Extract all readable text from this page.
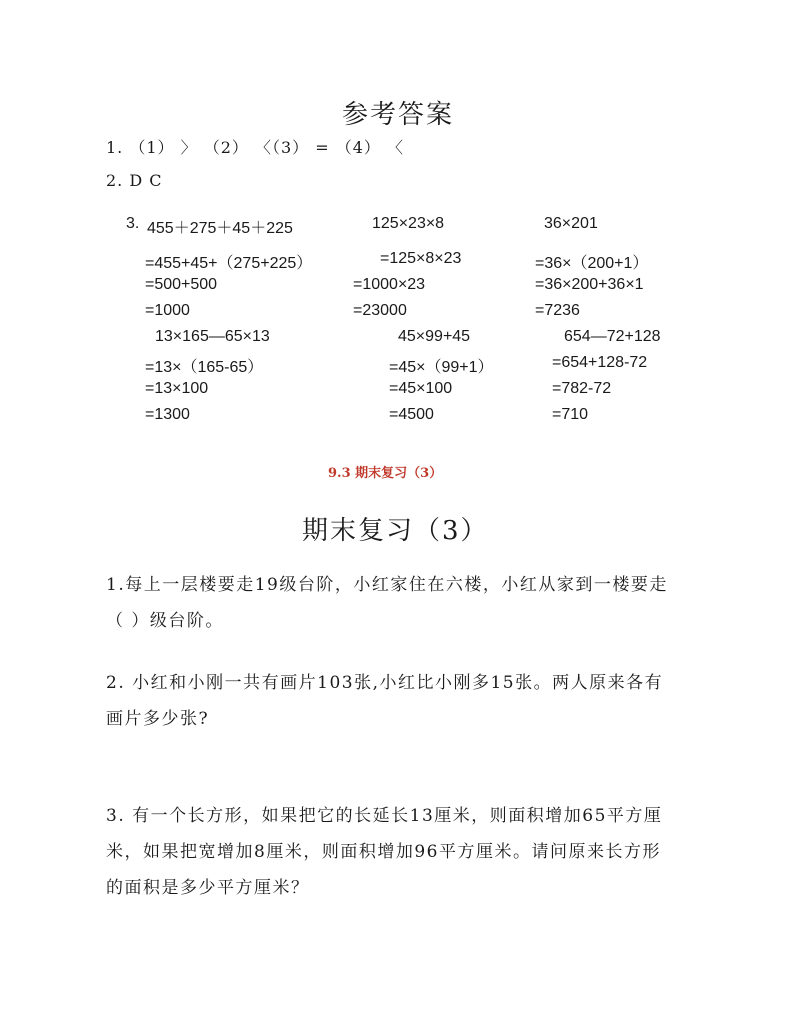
参考答案
1. （1） 〉 （2） 〈（3） = （4） 〈
2. D C
3. 455＋275＋45＋225
=455+45+（275+225）
=500+500
=1000
125×23×8
=125×8×23
=1000×23
=23000
36×201
=36×（200+1）
=36×200+36×1
=7236
13×165—65×13
=13×（165-65）
=13×100
=1300
45×99+45
=45×（99+1）
=45×100
=4500
654—72+128
=654+128-72
=782-72
=710
9.3 期末复习（3）
期末复习（3）
1.每上一层楼要走19级台阶，小红家住在六楼，小红从家到一楼要走
（ ）级台阶。
2. 小红和小刚一共有画片103张,小红比小刚多15张。两人原来各有
画片多少张?
3. 有一个长方形，如果把它的长延长13厘米，则面积增加65平方厘
米，如果把宽增加8厘米，则面积增加96平方厘米。请问原来长方形
的面积是多少平方厘米？
